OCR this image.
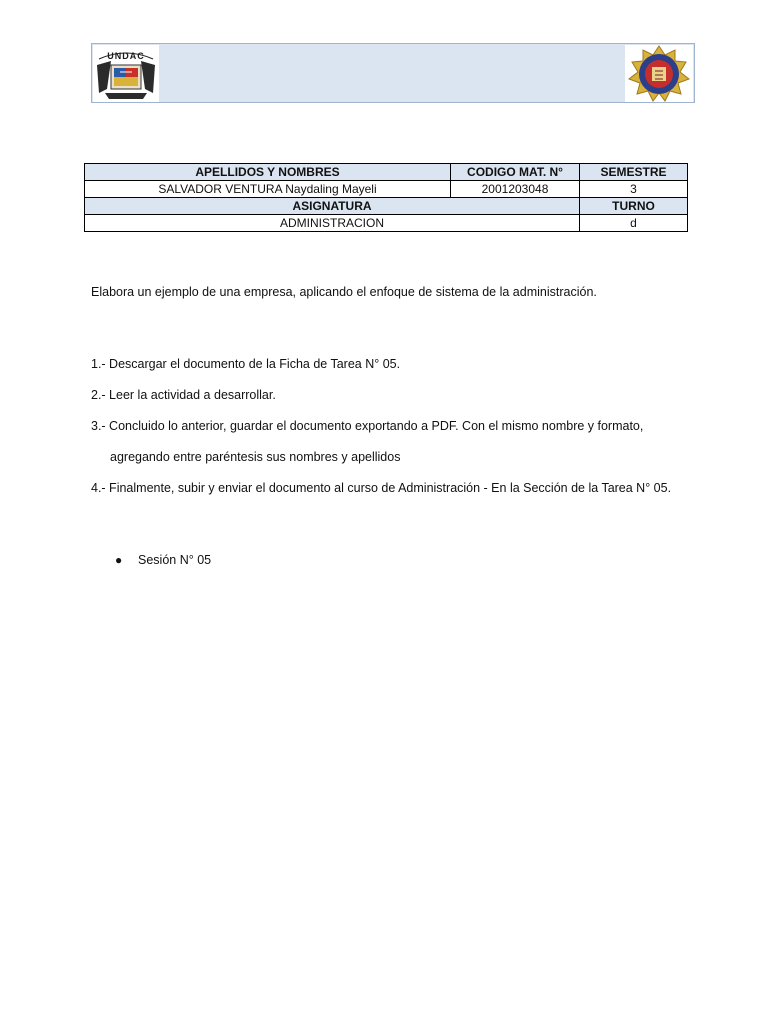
UNDAC
APELLIDOS Y NOMBRES	CODIGO MAT. N°	SEMESTRE
SALVADOR VENTURA Naydaling Mayeli	2001203048	3
ASIGNATURA		TURNO
ADMINISTRACION		d
Elabora un ejemplo de una empresa, aplicando el enfoque de sistema de la administración.
1.- Descargar el documento de la Ficha de Tarea N° 05.
2.- Leer la actividad a desarrollar.
3.- Concluido lo anterior, guardar el documento exportando a PDF. Con el mismo nombre y formato,
agregando entre paréntesis sus nombres y apellidos
4.- Finalmente, subir y enviar el documento al curso de Administración - En la Sección de la Tarea N° 05.
● Sesión N° 05
